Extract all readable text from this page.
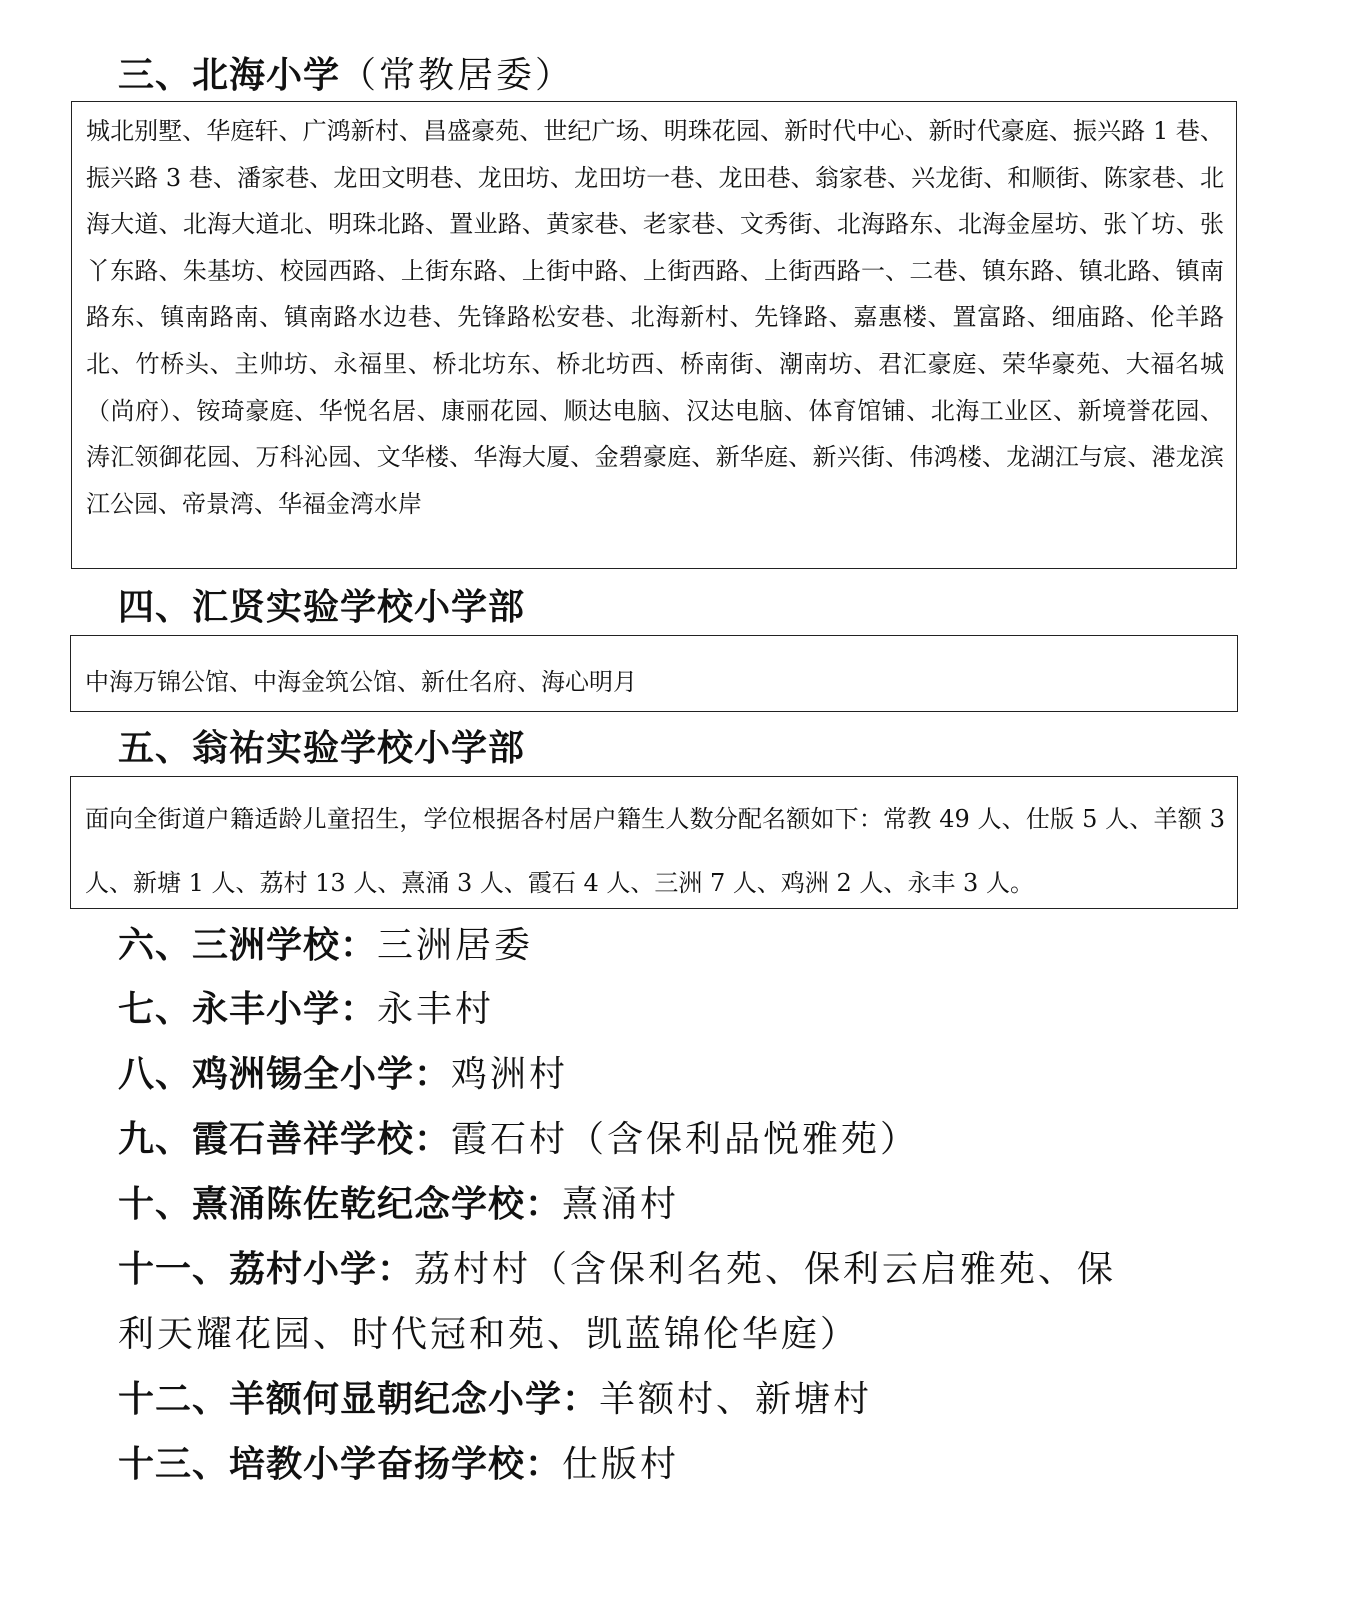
三、北海小学（常教居委）
城北别墅、华庭轩、广鸿新村、昌盛豪苑、世纪广场、明珠花园、新时代中心、新时代豪庭、振兴路 1 巷、振兴路 3 巷、潘家巷、龙田文明巷、龙田坊、龙田坊一巷、龙田巷、翁家巷、兴龙街、和顺街、陈家巷、北海大道、北海大道北、明珠北路、置业路、黄家巷、老家巷、文秀街、北海路东、北海金屋坊、张丫坊、张丫东路、朱基坊、校园西路、上街东路、上街中路、上街西路、上街西路一、二巷、镇东路、镇北路、镇南路东、镇南路南、镇南路水边巷、先锋路松安巷、北海新村、先锋路、嘉惠楼、置富路、细庙路、伦羊路北、竹桥头、主帅坊、永福里、桥北坊东、桥北坊西、桥南街、潮南坊、君汇豪庭、荣华豪苑、大福名城（尚府）、铵琦豪庭、华悦名居、康丽花园、顺达电脑、汉达电脑、体育馆铺、北海工业区、新境誉花园、涛汇领御花园、万科沁园、文华楼、华海大厦、金碧豪庭、新华庭、新兴街、伟鸿楼、龙湖江与宸、港龙滨江公园、帝景湾、华福金湾水岸
四、汇贤实验学校小学部
中海万锦公馆、中海金筑公馆、新仕名府、海心明月
五、翁祐实验学校小学部
面向全街道户籍适龄儿童招生，学位根据各村居户籍生人数分配名额如下：常教 49 人、仕版 5 人、羊额 3 人、新塘 1 人、荔村 13 人、熹涌 3 人、霞石 4 人、三洲 7 人、鸡洲 2 人、永丰 3 人。
六、三洲学校：三洲居委
七、永丰小学：永丰村
八、鸡洲锡全小学：鸡洲村
九、霞石善祥学校：霞石村（含保利品悦雅苑）
十、熹涌陈佐乾纪念学校：熹涌村
十一、荔村小学：荔村村（含保利名苑、保利云启雅苑、保
利天耀花园、时代冠和苑、凯蓝锦伦华庭）
十二、羊额何显朝纪念小学：羊额村、新塘村
十三、培教小学奋扬学校：仕版村
